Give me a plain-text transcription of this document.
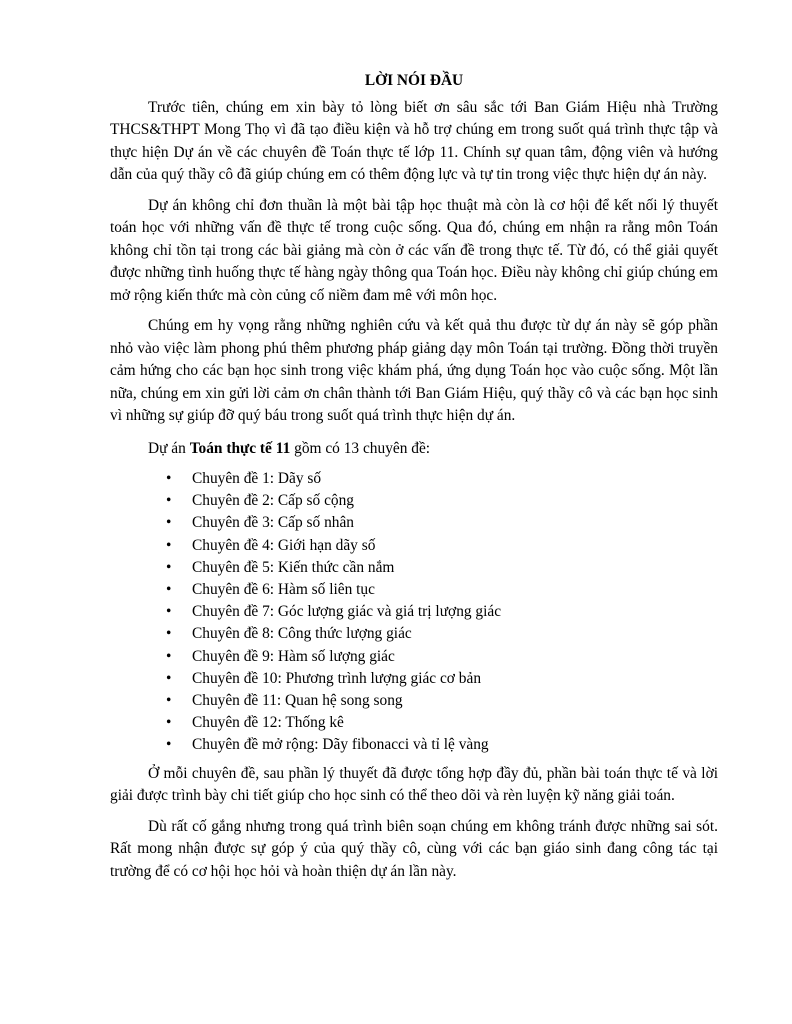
LỜI NÓI ĐẦU

Trước tiên, chúng em xin bày tỏ lòng biết ơn sâu sắc tới Ban Giám Hiệu nhà Trường THCS&THPT Mong Thọ vì đã tạo điều kiện và hỗ trợ chúng em trong suốt quá trình thực tập và thực hiện Dự án về các chuyên đề Toán thực tế lớp 11. Chính sự quan tâm, động viên và hướng dẫn của quý thầy cô đã giúp chúng em có thêm động lực và tự tin trong việc thực hiện dự án này.

Dự án không chỉ đơn thuần là một bài tập học thuật mà còn là cơ hội để kết nối lý thuyết toán học với những vấn đề thực tế trong cuộc sống. Qua đó, chúng em nhận ra rằng môn Toán không chỉ tồn tại trong các bài giảng mà còn ở các vấn đề trong thực tế. Từ đó, có thể giải quyết được những tình huống thực tế hàng ngày thông qua Toán học. Điều này không chỉ giúp chúng em mở rộng kiến thức mà còn củng cố niềm đam mê với môn học.

Chúng em hy vọng rằng những nghiên cứu và kết quả thu được từ dự án này sẽ góp phần nhỏ vào việc làm phong phú thêm phương pháp giảng dạy môn Toán tại trường. Đồng thời truyền cảm hứng cho các bạn học sinh trong việc khám phá, ứng dụng Toán học vào cuộc sống. Một lần nữa, chúng em xin gửi lời cảm ơn chân thành tới Ban Giám Hiệu, quý thầy cô và các bạn học sinh vì những sự giúp đỡ quý báu trong suốt quá trình thực hiện dự án.

Dự án Toán thực tế 11 gồm có 13 chuyên đề:

• Chuyên đề 1: Dãy số
• Chuyên đề 2: Cấp số cộng
• Chuyên đề 3: Cấp số nhân
• Chuyên đề 4: Giới hạn dãy số
• Chuyên đề 5: Kiến thức cần nắm
• Chuyên đề 6: Hàm số liên tục
• Chuyên đề 7: Góc lượng giác và giá trị lượng giác
• Chuyên đề 8: Công thức lượng giác
• Chuyên đề 9: Hàm số lượng giác
• Chuyên đề 10: Phương trình lượng giác cơ bản
• Chuyên đề 11: Quan hệ song song
• Chuyên đề 12: Thống kê
• Chuyên đề mở rộng: Dãy fibonacci và tỉ lệ vàng

Ở mỗi chuyên đề, sau phần lý thuyết đã được tổng hợp đầy đủ, phần bài toán thực tế và lời giải được trình bày chi tiết giúp cho học sinh có thể theo dõi và rèn luyện kỹ năng giải toán.

Dù rất cố gắng nhưng trong quá trình biên soạn chúng em không tránh được những sai sót. Rất mong nhận được sự góp ý của quý thầy cô, cùng với các bạn giáo sinh đang công tác tại trường để có cơ hội học hỏi và hoàn thiện dự án lần này.
